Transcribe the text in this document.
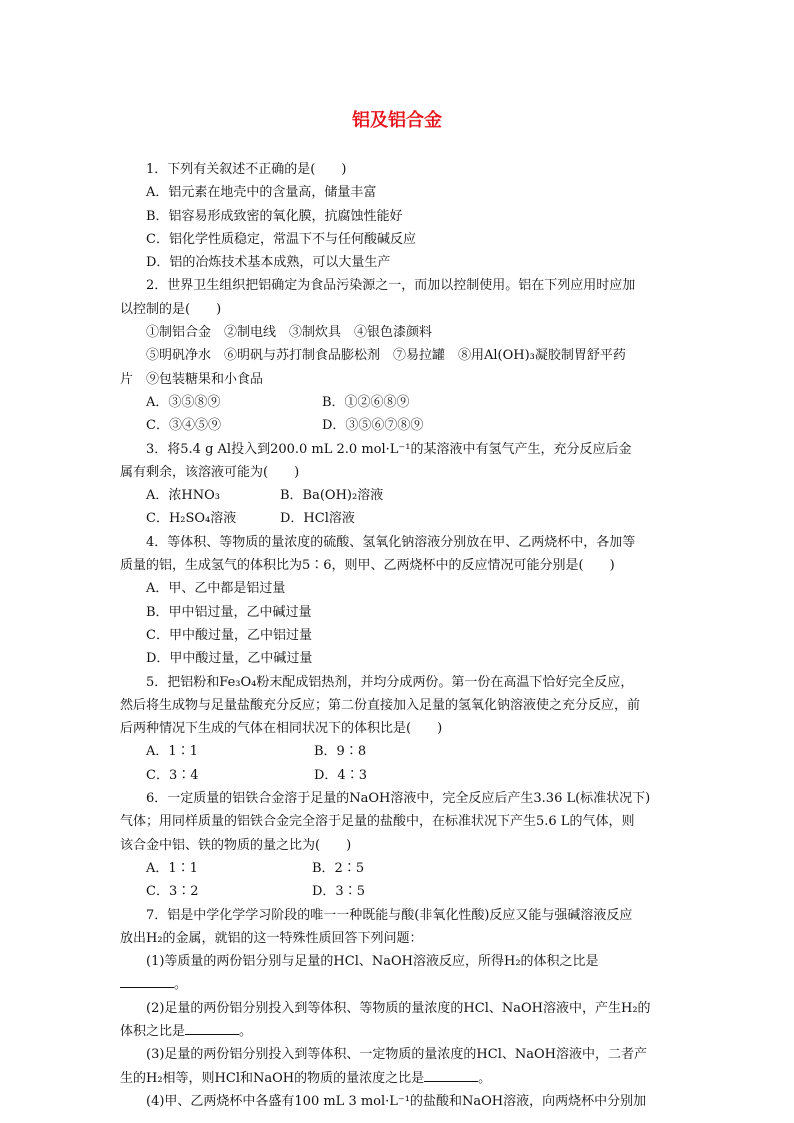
铝及铝合金
1．下列有关叙述不正确的是(　　)
A．铝元素在地壳中的含量高，储量丰富
B．铝容易形成致密的氧化膜，抗腐蚀性能好
C．铝化学性质稳定，常温下不与任何酸碱反应
D．铝的冶炼技术基本成熟，可以大量生产
2．世界卫生组织把铝确定为食品污染源之一，而加以控制使用。铝在下列应用时应加
以控制的是(　　)
①制铝合金　②制电线　③制炊具　④银色漆颜料
⑤明矾净水　⑥明矾与苏打制食品膨松剂　⑦易拉罐　⑧用Al(OH)₃凝胶制胃舒平药
片　⑨包装糖果和小食品
A．③⑤⑧⑨	B．①②⑥⑧⑨
C．③④⑤⑨	D．③⑤⑥⑦⑧⑨
3．将5.4 g Al投入到200.0 mL 2.0 mol·L⁻¹的某溶液中有氢气产生，充分反应后金
属有剩余，该溶液可能为(　　)
A．浓HNO₃	B．Ba(OH)₂溶液
C．H₂SO₄溶液	D．HCl溶液
4．等体积、等物质的量浓度的硫酸、氢氧化钠溶液分别放在甲、乙两烧杯中，各加等
质量的铝，生成氢气的体积比为5∶6，则甲、乙两烧杯中的反应情况可能分别是(　　)
A．甲、乙中都是铝过量
B．甲中铝过量，乙中碱过量
C．甲中酸过量，乙中铝过量
D．甲中酸过量，乙中碱过量
5．把铝粉和Fe₃O₄粉末配成铝热剂，并均分成两份。第一份在高温下恰好完全反应，
然后将生成物与足量盐酸充分反应；第二份直接加入足量的氢氧化钠溶液使之充分反应，前
后两种情况下生成的气体在相同状况下的体积比是(　　)
A．1∶1	B．9∶8
C．3∶4	D．4∶3
6．一定质量的铝铁合金溶于足量的NaOH溶液中，完全反应后产生3.36 L(标准状况下)
气体；用同样质量的铝铁合金完全溶于足量的盐酸中，在标准状况下产生5.6 L的气体，则
该合金中铝、铁的物质的量之比为(　　)
A．1∶1	B．2∶5
C．3∶2	D．3∶5
7．铝是中学化学学习阶段的唯一一种既能与酸(非氧化性酸)反应又能与强碱溶液反应
放出H₂的金属，就铝的这一特殊性质回答下列问题：
(1)等质量的两份铝分别与足量的HCl、NaOH溶液反应，所得H₂的体积之比是
。
(2)足量的两份铝分别投入到等体积、等物质的量浓度的HCl、NaOH溶液中，产生H₂的
体积之比是	。
(3)足量的两份铝分别投入到等体积、一定物质的量浓度的HCl、NaOH溶液中，二者产
生的H₂相等，则HCl和NaOH的物质的量浓度之比是	。
(4)甲、乙两烧杯中各盛有100 mL 3 mol·L⁻¹的盐酸和NaOH溶液，向两烧杯中分别加
